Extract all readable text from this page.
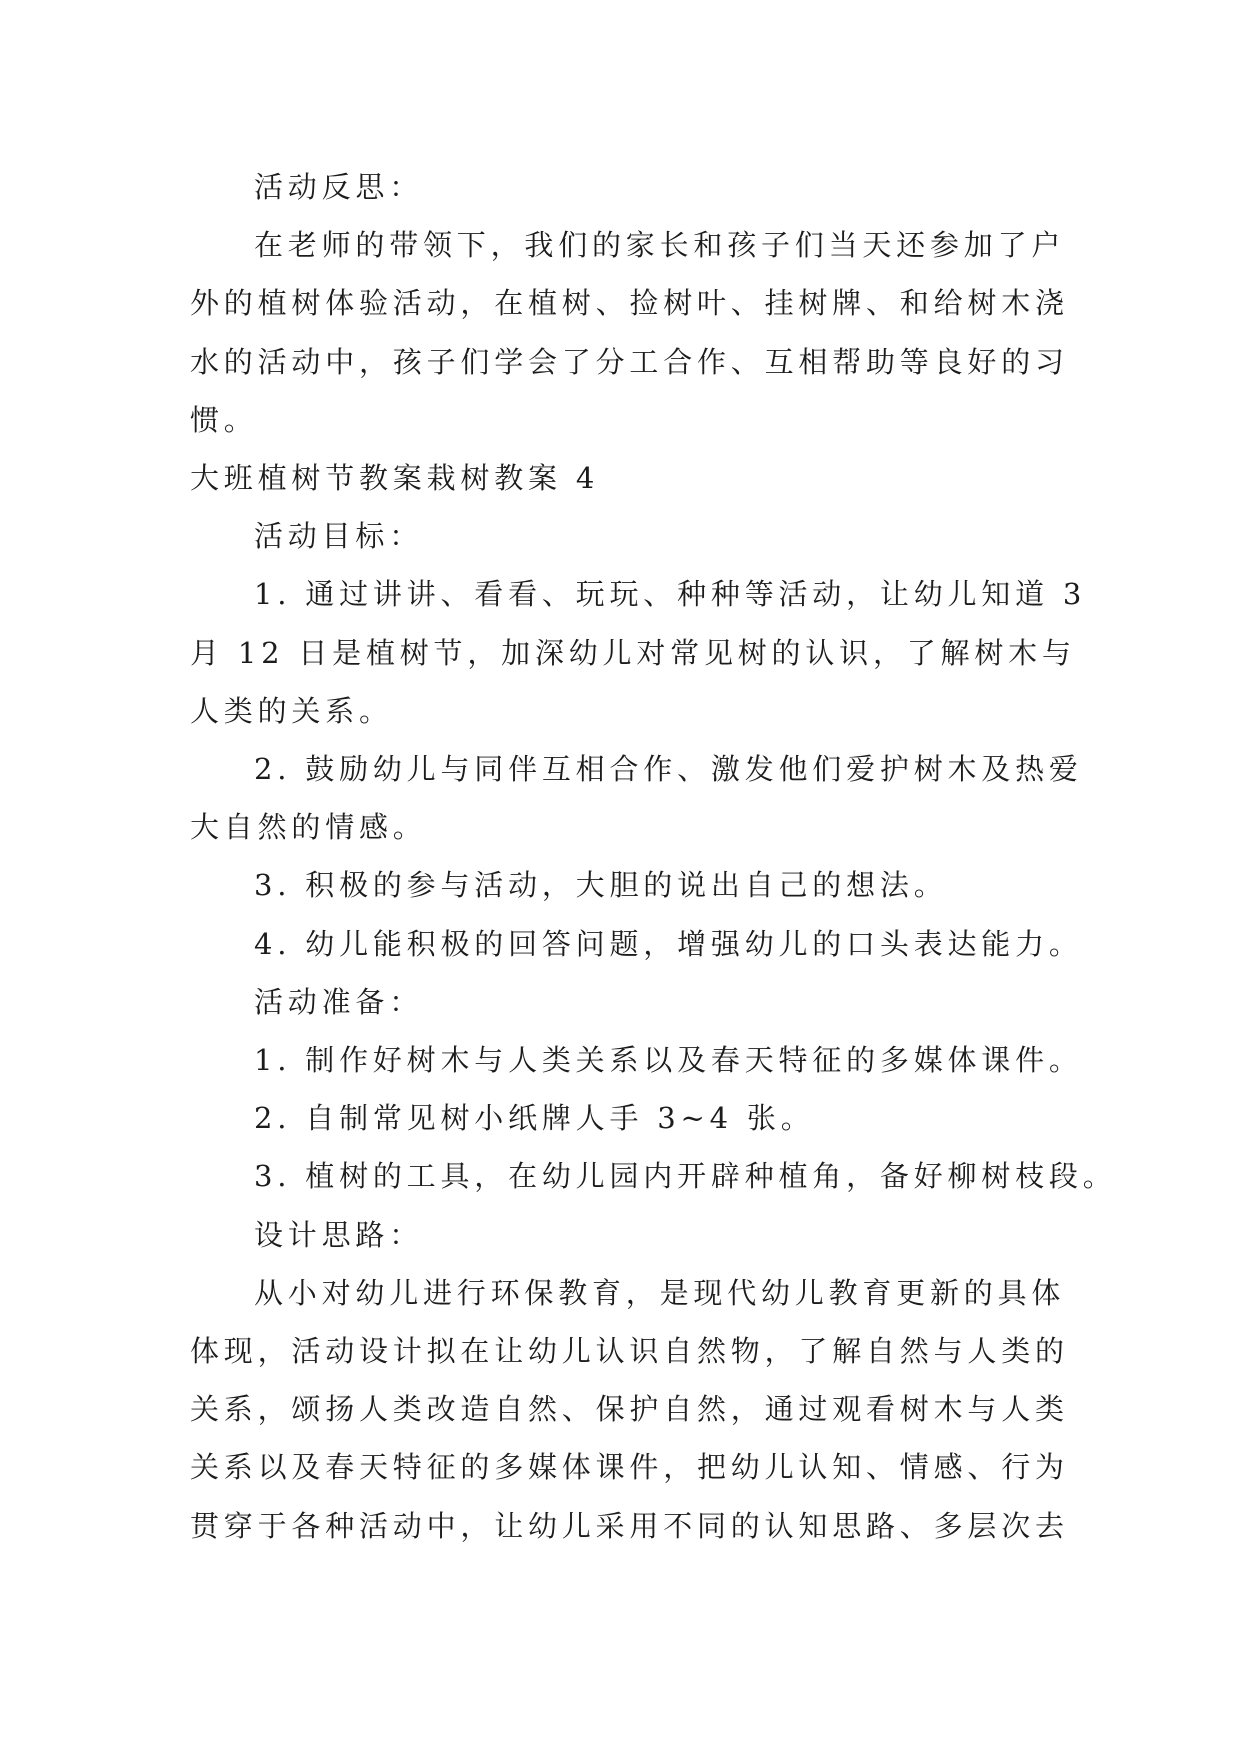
活动反思：
在老师的带领下，我们的家长和孩子们当天还参加了户
外的植树体验活动，在植树、捡树叶、挂树牌、和给树木浇
水的活动中，孩子们学会了分工合作、互相帮助等良好的习
惯。
大班植树节教案栽树教案 4
活动目标：
1. 通过讲讲、看看、玩玩、种种等活动，让幼儿知道 3
月 12 日是植树节，加深幼儿对常见树的认识，了解树木与
人类的关系。
2. 鼓励幼儿与同伴互相合作、激发他们爱护树木及热爱
大自然的情感。
3. 积极的参与活动，大胆的说出自己的想法。
4. 幼儿能积极的回答问题，增强幼儿的口头表达能力。
活动准备：
1. 制作好树木与人类关系以及春天特征的多媒体课件。
2. 自制常见树小纸牌人手 3~4 张。
3. 植树的工具，在幼儿园内开辟种植角，备好柳树枝段。
设计思路：
从小对幼儿进行环保教育，是现代幼儿教育更新的具体
体现，活动设计拟在让幼儿认识自然物，了解自然与人类的
关系，颂扬人类改造自然、保护自然，通过观看树木与人类
关系以及春天特征的多媒体课件，把幼儿认知、情感、行为
贯穿于各种活动中，让幼儿采用不同的认知思路、多层次去
